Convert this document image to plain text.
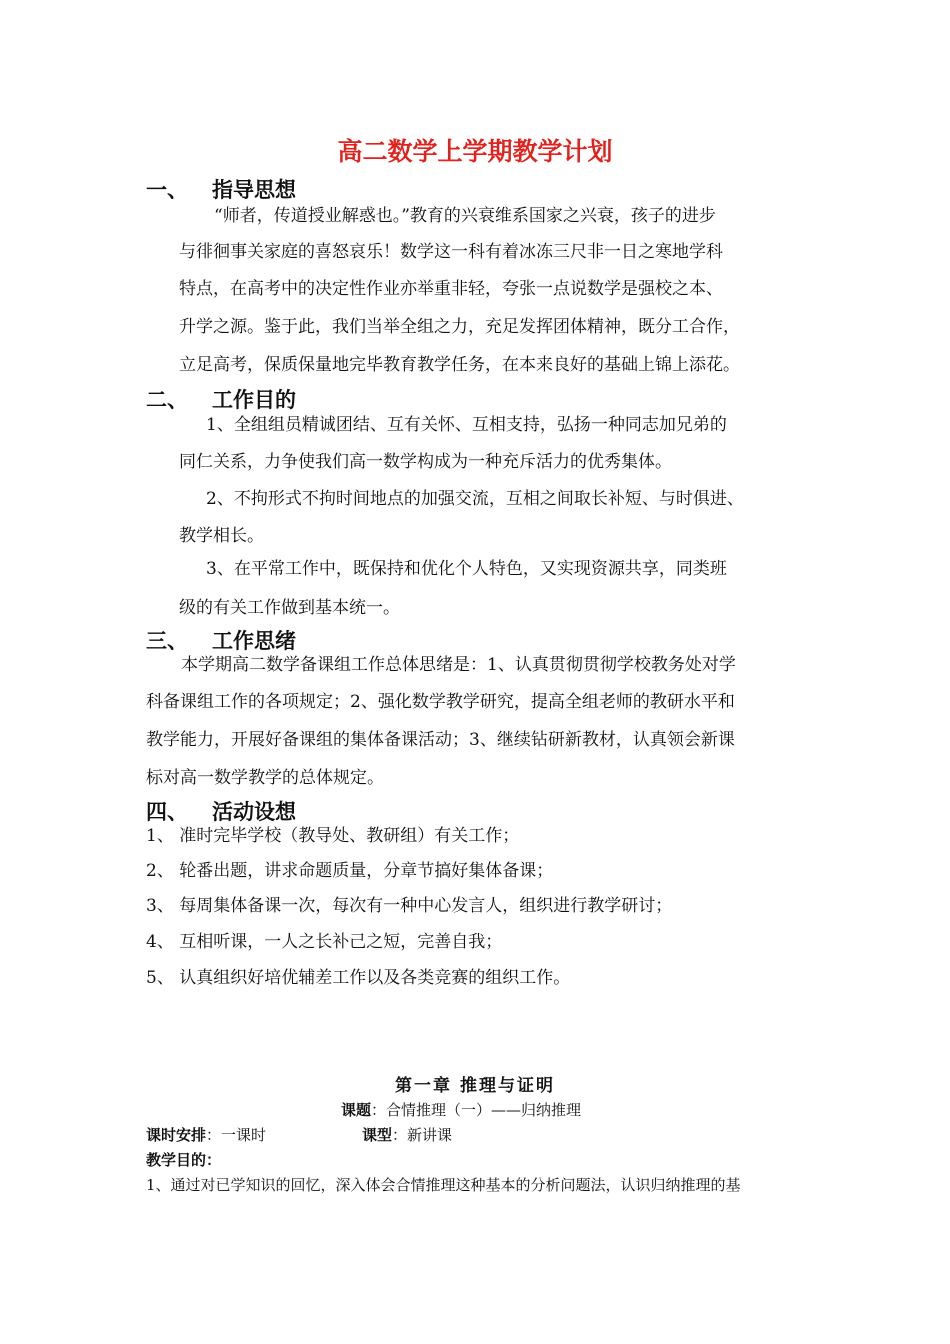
高二数学上学期教学计划
一、 指导思想
“师者，传道授业解惑也。”教育的兴衰维系国家之兴衰，孩子的进步
与徘徊事关家庭的喜怒哀乐！数学这一科有着冰冻三尺非一日之寒地学科
特点，在高考中的决定性作业亦举重非轻，夸张一点说数学是强校之本、
升学之源。鉴于此，我们当举全组之力，充足发挥团体精神，既分工合作，
立足高考，保质保量地完毕教育教学任务，在本来良好的基础上锦上添花。
二、 工作目的
1、全组组员精诚团结、互有关怀、互相支持，弘扬一种同志加兄弟的
同仁关系，力争使我们高一数学构成为一种充斥活力的优秀集体。
2、不拘形式不拘时间地点的加强交流，互相之间取长补短、与时俱进、
教学相长。
3、在平常工作中，既保持和优化个人特色，又实现资源共享，同类班
级的有关工作做到基本统一。
三、 工作思绪
本学期高二数学备课组工作总体思绪是：1、认真贯彻贯彻学校教务处对学
科备课组工作的各项规定；2、强化数学教学研究，提高全组老师的教研水平和
教学能力，开展好备课组的集体备课活动；3、继续钻研新教材，认真领会新课
标对高一数学教学的总体规定。
四、 活动设想
1、 准时完毕学校（教导处、教研组）有关工作；
2、 轮番出题，讲求命题质量，分章节搞好集体备课；
3、 每周集体备课一次，每次有一种中心发言人，组织进行教学研讨；
4、 互相听课，一人之长补己之短，完善自我；
5、 认真组织好培优辅差工作以及各类竞赛的组织工作。
第一章 推理与证明
课题：合情推理（一）——归纳推理
课时安排：一课时	课型：新讲课
教学目的：
1、通过对已学知识的回忆，深入体会合情推理这种基本的分析问题法，认识归纳推理的基
